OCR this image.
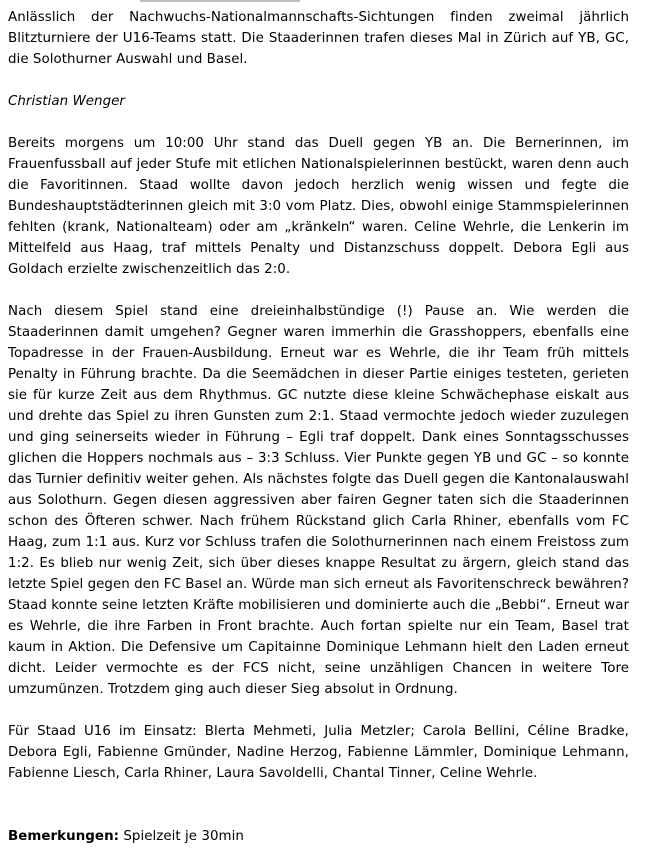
Anlässlich der Nachwuchs-Nationalmannschafts-Sichtungen finden zweimal jährlich Blitzturniere der U16-Teams statt. Die Staaderinnen trafen dieses Mal in Zürich auf YB, GC, die Solothurner Auswahl und Basel.

Christian Wenger

Bereits morgens um 10:00 Uhr stand das Duell gegen YB an. Die Bernerinnen, im Frauenfussball auf jeder Stufe mit etlichen Nationalspielerinnen bestückt, waren denn auch die Favoritinnen. Staad wollte davon jedoch herzlich wenig wissen und fegte die Bundeshauptstädterinnen gleich mit 3:0 vom Platz. Dies, obwohl einige Stammspielerinnen fehlten (krank, Nationalteam) oder am „kränkeln“ waren. Celine Wehrle, die Lenkerin im Mittelfeld aus Haag, traf mittels Penalty und Distanzschuss doppelt. Debora Egli aus Goldach erzielte zwischenzeitlich das 2:0.

Nach diesem Spiel stand eine dreieinhalbstündige (!) Pause an. Wie werden die Staaderinnen damit umgehen? Gegner waren immerhin die Grasshoppers, ebenfalls eine Topadresse in der Frauen-Ausbildung. Erneut war es Wehrle, die ihr Team früh mittels Penalty in Führung brachte. Da die Seemädchen in dieser Partie einiges testeten, gerieten sie für kurze Zeit aus dem Rhythmus. GC nutzte diese kleine Schwächephase eiskalt aus und drehte das Spiel zu ihren Gunsten zum 2:1. Staad vermochte jedoch wieder zuzulegen und ging seinerseits wieder in Führung – Egli traf doppelt. Dank eines Sonntagsschusses glichen die Hoppers nochmals aus – 3:3 Schluss. Vier Punkte gegen YB und GC – so konnte das Turnier definitiv weiter gehen. Als nächstes folgte das Duell gegen die Kantonalauswahl aus Solothurn. Gegen diesen aggressiven aber fairen Gegner taten sich die Staaderinnen schon des Öfteren schwer. Nach frühem Rückstand glich Carla Rhiner, ebenfalls vom FC Haag, zum 1:1 aus. Kurz vor Schluss trafen die Solothurnerinnen nach einem Freistoss zum 1:2. Es blieb nur wenig Zeit, sich über dieses knappe Resultat zu ärgern, gleich stand das letzte Spiel gegen den FC Basel an. Würde man sich erneut als Favoritenschreck bewähren? Staad konnte seine letzten Kräfte mobilisieren und dominierte auch die „Bebbi“. Erneut war es Wehrle, die ihre Farben in Front brachte. Auch fortan spielte nur ein Team, Basel trat kaum in Aktion. Die Defensive um Capitainne Dominique Lehmann hielt den Laden erneut dicht. Leider vermochte es der FCS nicht, seine unzähligen Chancen in weitere Tore umzumünzen. Trotzdem ging auch dieser Sieg absolut in Ordnung.

Für Staad U16 im Einsatz: Blerta Mehmeti, Julia Metzler; Carola Bellini, Céline Bradke, Debora Egli, Fabienne Gmünder, Nadine Herzog, Fabienne Lämmler, Dominique Lehmann, Fabienne Liesch, Carla Rhiner, Laura Savoldelli, Chantal Tinner, Celine Wehrle.

Bemerkungen: Spielzeit je 30min
